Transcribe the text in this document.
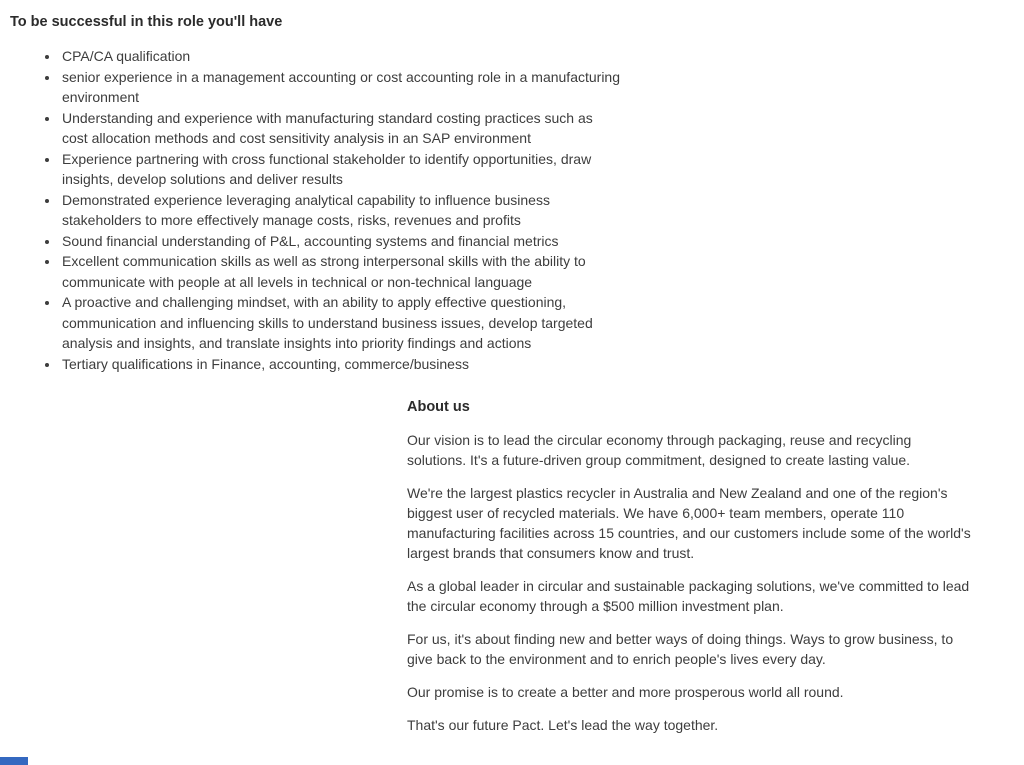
To be successful in this role you'll have
• CPA/CA qualification
• senior experience in a management accounting or cost accounting role in a manufacturing environment
• Understanding and experience with manufacturing standard costing practices such as cost allocation methods and cost sensitivity analysis in an SAP environment
• Experience partnering with cross functional stakeholder to identify opportunities, draw insights, develop solutions and deliver results
• Demonstrated experience leveraging analytical capability to influence business stakeholders to more effectively manage costs, risks, revenues and profits
• Sound financial understanding of P&L, accounting systems and financial metrics
• Excellent communication skills as well as strong interpersonal skills with the ability to communicate with people at all levels in technical or non-technical language
• A proactive and challenging mindset, with an ability to apply effective questioning, communication and influencing skills to understand business issues, develop targeted analysis and insights, and translate insights into priority findings and actions
• Tertiary qualifications in Finance, accounting, commerce/business
About us

Our vision is to lead the circular economy through packaging, reuse and recycling solutions. It's a future-driven group commitment, designed to create lasting value.

We're the largest plastics recycler in Australia and New Zealand and one of the region's biggest user of recycled materials. We have 6,000+ team members, operate 110 manufacturing facilities across 15 countries, and our customers include some of the world's largest brands that consumers know and trust.

As a global leader in circular and sustainable packaging solutions, we've committed to lead the circular economy through a $500 million investment plan.

For us, it's about finding new and better ways of doing things. Ways to grow business, to give back to the environment and to enrich people's lives every day.

Our promise is to create a better and more prosperous world all round.

That's our future Pact. Let's lead the way together.
